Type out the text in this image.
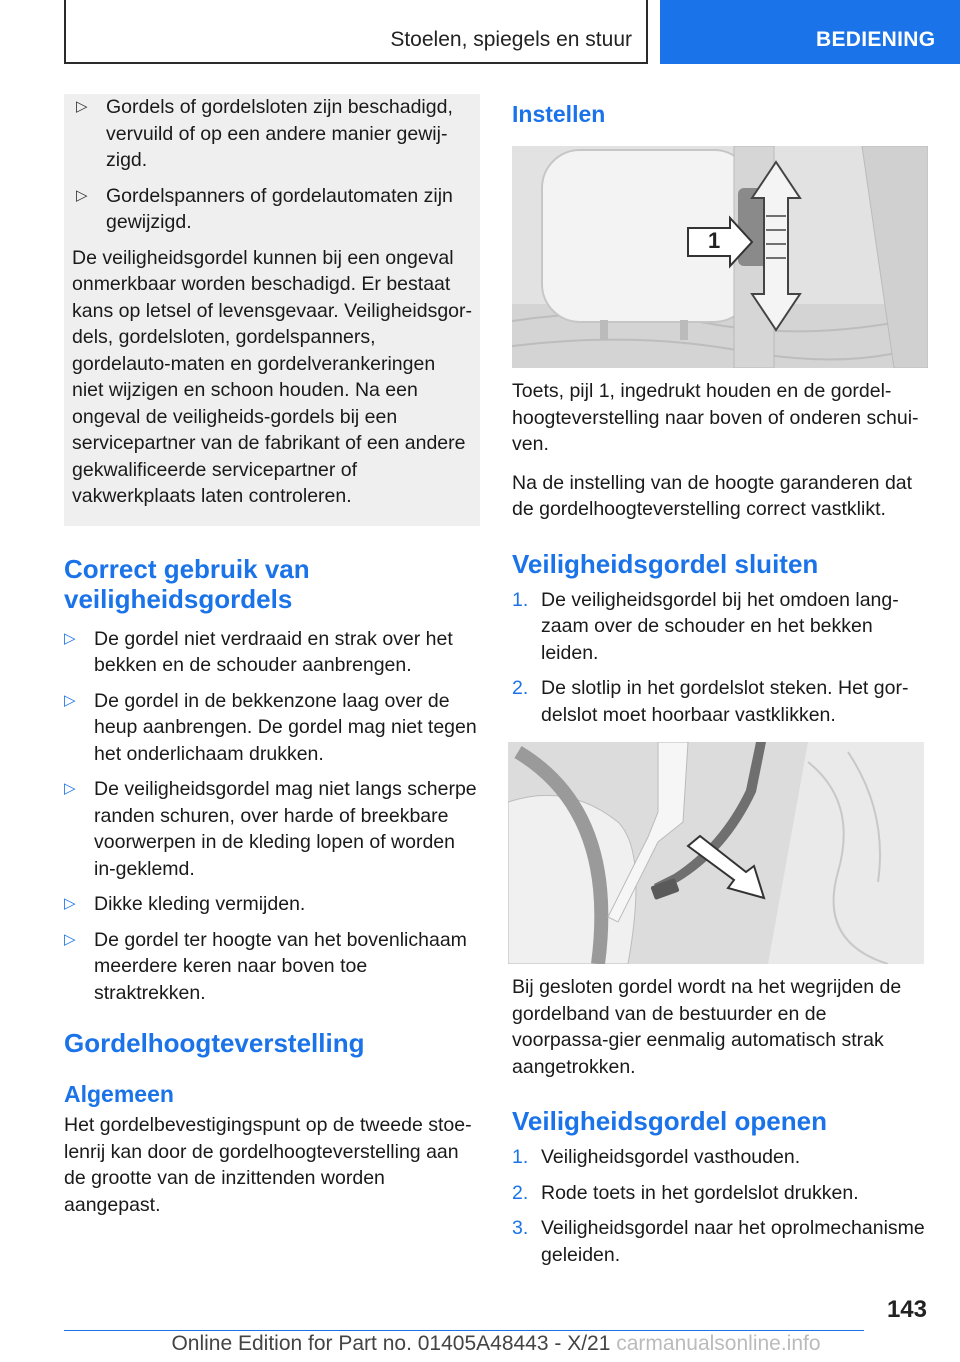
Stoelen, spiegels en stuur	BEDIENING
▷ Gordels of gordelsloten zijn beschadigd, vervuild of op een andere manier gewij-zigd.
▷ Gordelspanners of gordelautomaten zijn gewijzigd.

De veiligheidsgordel kunnen bij een ongeval onmerkbaar worden beschadigd. Er bestaat kans op letsel of levensgevaar. Veiligheidsgor-dels, gordelsloten, gordelspanners, gordelauto-maten en gordelverankeringen niet wijzigen en schoon houden. Na een ongeval de veiligheids-gordels bij een servicepartner van de fabrikant of een andere gekwalificeerde servicepartner of vakwerkplaats laten controleren.

Correct gebruik van veiligheidsgordels
▷ De gordel niet verdraaid en strak over het bekken en de schouder aanbrengen.
▷ De gordel in de bekkenzone laag over de heup aanbrengen. De gordel mag niet tegen het onderlichaam drukken.
▷ De veiligheidsgordel mag niet langs scherpe randen schuren, over harde of breekbare voorwerpen in de kleding lopen of worden in-geklemd.
▷ Dikke kleding vermijden.
▷ De gordel ter hoogte van het bovenlichaam meerdere keren naar boven toe straktrekken.
Gordelhoogteverstelling
Algemeen

Het gordelbevestigingspunt op de tweede stoe-lenrij kan door de gordelhoogteverstelling aan de grootte van de inzittenden worden aangepast.

Instellen
1

Toets, pijl 1, ingedrukt houden en de gordel-hoogteverstelling naar boven of onderen schui-ven.

Na de instelling van de hoogte garanderen dat de gordelhoogteverstelling correct vastklikt.

Veiligheidsgordel sluiten
1. De veiligheidsgordel bij het omdoen lang-zaam over de schouder en het bekken leiden.
2. De slotlip in het gordelslot steken. Het gor-delslot moet hoorbaar vastklikken.

Bij gesloten gordel wordt na het wegrijden de gordelband van de bestuurder en de voorpassa-gier eenmalig automatisch strak aangetrokken.

Veiligheidsgordel openen
1. Veiligheidsgordel vasthouden.
2. Rode toets in het gordelslot drukken.
3. Veiligheidsgordel naar het oprolmechanisme geleiden.
143
Online Edition for Part no. 01405A48443 - X/21 carmanualsonline.info
